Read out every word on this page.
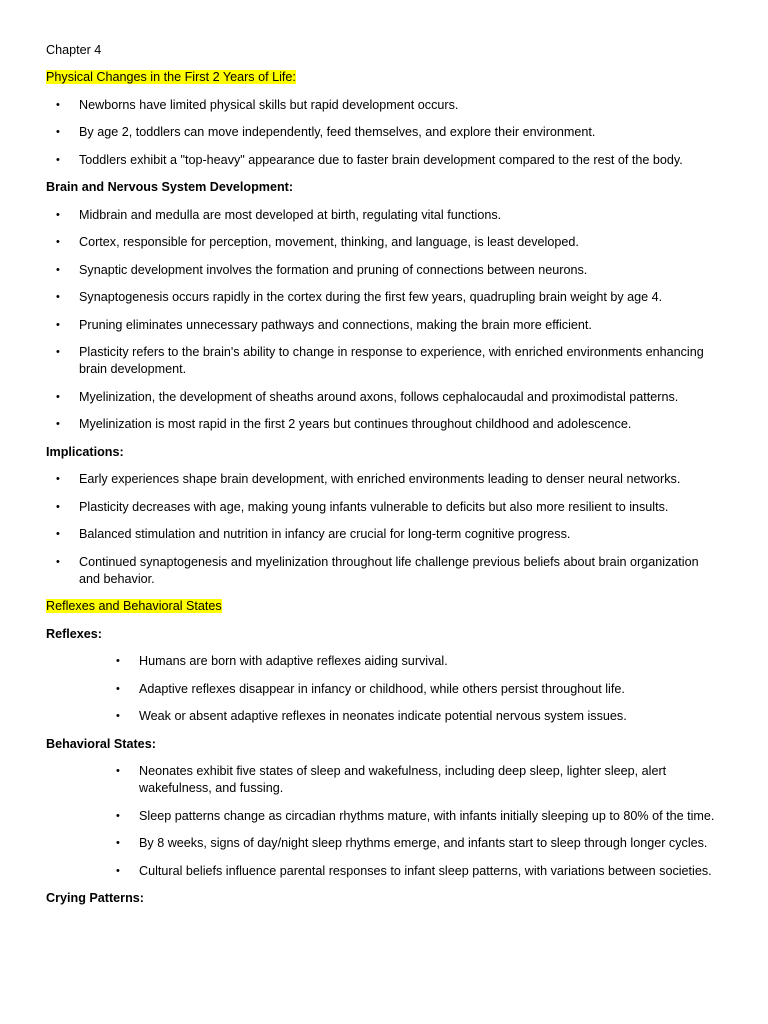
Chapter 4
Physical Changes in the First 2 Years of Life:
• Newborns have limited physical skills but rapid development occurs.
• By age 2, toddlers can move independently, feed themselves, and explore their environment.
• Toddlers exhibit a "top-heavy" appearance due to faster brain development compared to the rest of the body.
Brain and Nervous System Development:
• Midbrain and medulla are most developed at birth, regulating vital functions.
• Cortex, responsible for perception, movement, thinking, and language, is least developed.
• Synaptic development involves the formation and pruning of connections between neurons.
• Synaptogenesis occurs rapidly in the cortex during the first few years, quadrupling brain weight by age 4.
• Pruning eliminates unnecessary pathways and connections, making the brain more efficient.
• Plasticity refers to the brain's ability to change in response to experience, with enriched environments enhancing brain development.
• Myelinization, the development of sheaths around axons, follows cephalocaudal and proximodistal patterns.
• Myelinization is most rapid in the first 2 years but continues throughout childhood and adolescence.
Implications:
• Early experiences shape brain development, with enriched environments leading to denser neural networks.
• Plasticity decreases with age, making young infants vulnerable to deficits but also more resilient to insults.
• Balanced stimulation and nutrition in infancy are crucial for long-term cognitive progress.
• Continued synaptogenesis and myelinization throughout life challenge previous beliefs about brain organization and behavior.
Reflexes and Behavioral States
Reflexes:
• Humans are born with adaptive reflexes aiding survival.
• Adaptive reflexes disappear in infancy or childhood, while others persist throughout life.
• Weak or absent adaptive reflexes in neonates indicate potential nervous system issues.
Behavioral States:
• Neonates exhibit five states of sleep and wakefulness, including deep sleep, lighter sleep, alert wakefulness, and fussing.
• Sleep patterns change as circadian rhythms mature, with infants initially sleeping up to 80% of the time.
• By 8 weeks, signs of day/night sleep rhythms emerge, and infants start to sleep through longer cycles.
• Cultural beliefs influence parental responses to infant sleep patterns, with variations between societies.
Crying Patterns:
